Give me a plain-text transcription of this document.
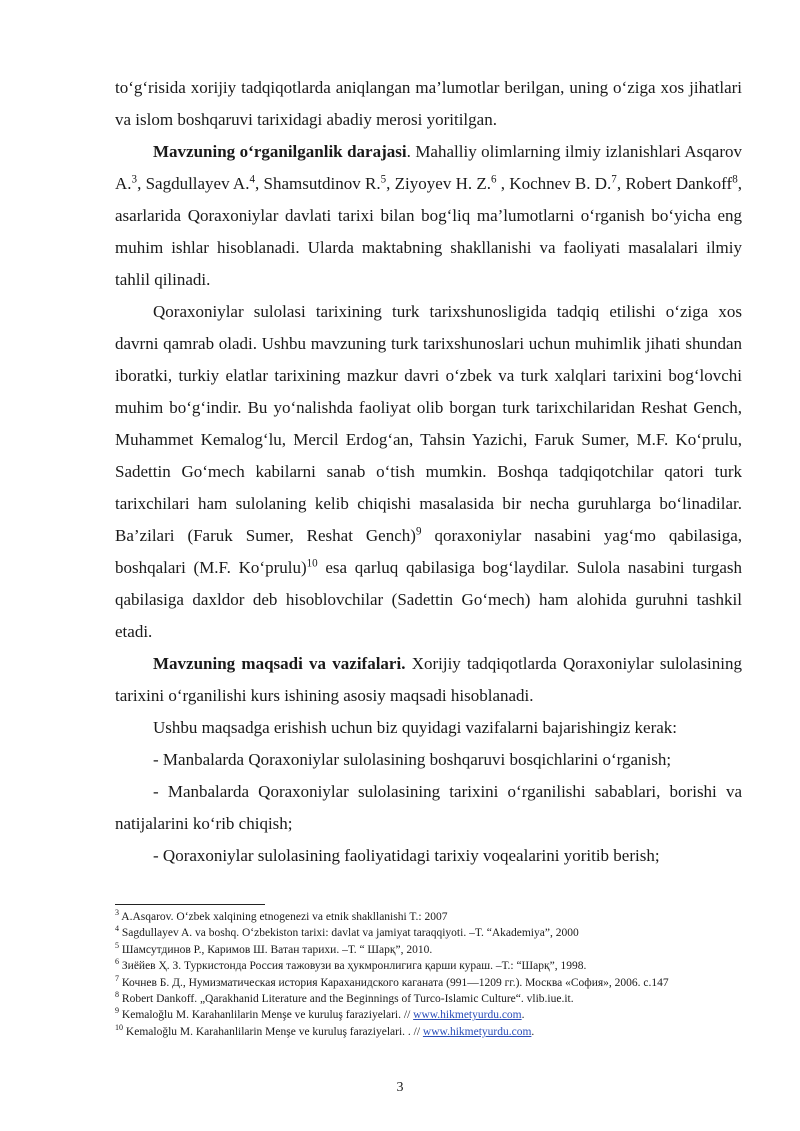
to‘g‘risida xorijiy tadqiqotlarda aniqlangan ma’lumotlar berilgan, uning o‘ziga xos jihatlari va islom boshqaruvi tarixidagi abadiy merosi yoritilgan.

Mavzuning o‘rganilganlik darajasi. Mahalliy olimlarning ilmiy izlanishlari Asqarov A.$^3$, Sagdullayev A.$^4$, Shamsutdinov R.$^5$, Ziyoyev H. Z.$^6$ , Kochnev B. D.$^7$, Robert Dankoff$^8$, asarlarida Qoraxoniylar davlati tarixi bilan bog‘liq ma’lumotlarni o‘rganish bo‘yicha eng muhim ishlar hisoblanadi. Ularda maktabning shakllanishi va faoliyati masalalari ilmiy tahlil qilinadi.

Qoraxoniylar sulolasi tarixining turk tarixshunosligida tadqiq etilishi o‘ziga xos davrni qamrab oladi. Ushbu mavzuning turk tarixshunoslari uchun muhimlik jihati shundan iboratki, turkiy elatlar tarixining mazkur davri o‘zbek va turk xalqlari tarixini bog‘lovchi muhim bo‘g‘indir. Bu yo‘nalishda faoliyat olib borgan turk tarixchilaridan Reshat Gench, Muhammet Kemalog‘lu, Mercil Erdog‘an, Tahsin Yazichi, Faruk Sumer, M.F. Ko‘prulu, Sadettin Go‘mech kabilarni sanab o‘tish mumkin. Boshqa tadqiqotchilar qatori turk tarixchilari ham sulolaning kelib chiqishi masalasida bir necha guruhlarga bo‘linadilar. Ba’zilari (Faruk Sumer, Reshat Gench)$^9$ qoraxoniylar nasabini yag‘mo qabilasiga, boshqalari (M.F. Ko‘prulu)$^{10}$ esa qarluq qabilasiga bog‘laydilar. Sulola nasabini turgash qabilasiga daxldor deb hisoblovchilar (Sadettin Go‘mech) ham alohida guruhni tashkil etadi.

Mavzuning maqsadi va vazifalari. Xorijiy tadqiqotlarda Qoraxoniylar sulolasining tarixini o‘rganilishi kurs ishining asosiy maqsadi hisoblanadi.

Ushbu maqsadga erishish uchun biz quyidagi vazifalarni bajarishingiz kerak:

- Manbalarda Qoraxoniylar sulolasining boshqaruvi bosqichlarini o‘rganish;

- Manbalarda Qoraxoniylar sulolasining tarixini o‘rganilishi sabablari, borishi va natijalarini ko‘rib chiqish;

- Qoraxoniylar sulolasining faoliyatidagi tarixiy voqealarini yoritib berish;

$^3$ A.Asqarov. O‘zbek xalqining etnogenezi va etnik shakllanishi T.: 2007

$^4$ Sagdullayev A. va boshq. O‘zbekiston tarixi: davlat va jamiyat taraqqiyoti. –T. “Akademiya”, 2000

$^5$ Шамсутдинов Р., Каримов Ш. Ватан тарихи. –Т. “ Шарқ”, 2010.

$^6$ Зиёйев Ҳ. З. Туркистонда Россия тажовузи ва ҳукмронлигига қарши кураш. –Т.: “Шарқ”, 1998.

$^7$ Кочнев Б. Д., Нумизматическая история Караханидского каганата (991—1209 гг.). Москва «София», 2006. с.147

$^8$ Robert Dankoff. „Qarakhanid Literature and the Beginnings of Turco-Islamic Culture“. vlib.iue.it.

$^9$ Kemaloğlu M. Karahanlilarin Menşe ve kuruluş faraziyelari. // www.hikmetyurdu.com.

$^{10}$ Kemaloğlu M. Karahanlilarin Menşe ve kuruluş faraziyelari. . // www.hikmetyurdu.com.

3
